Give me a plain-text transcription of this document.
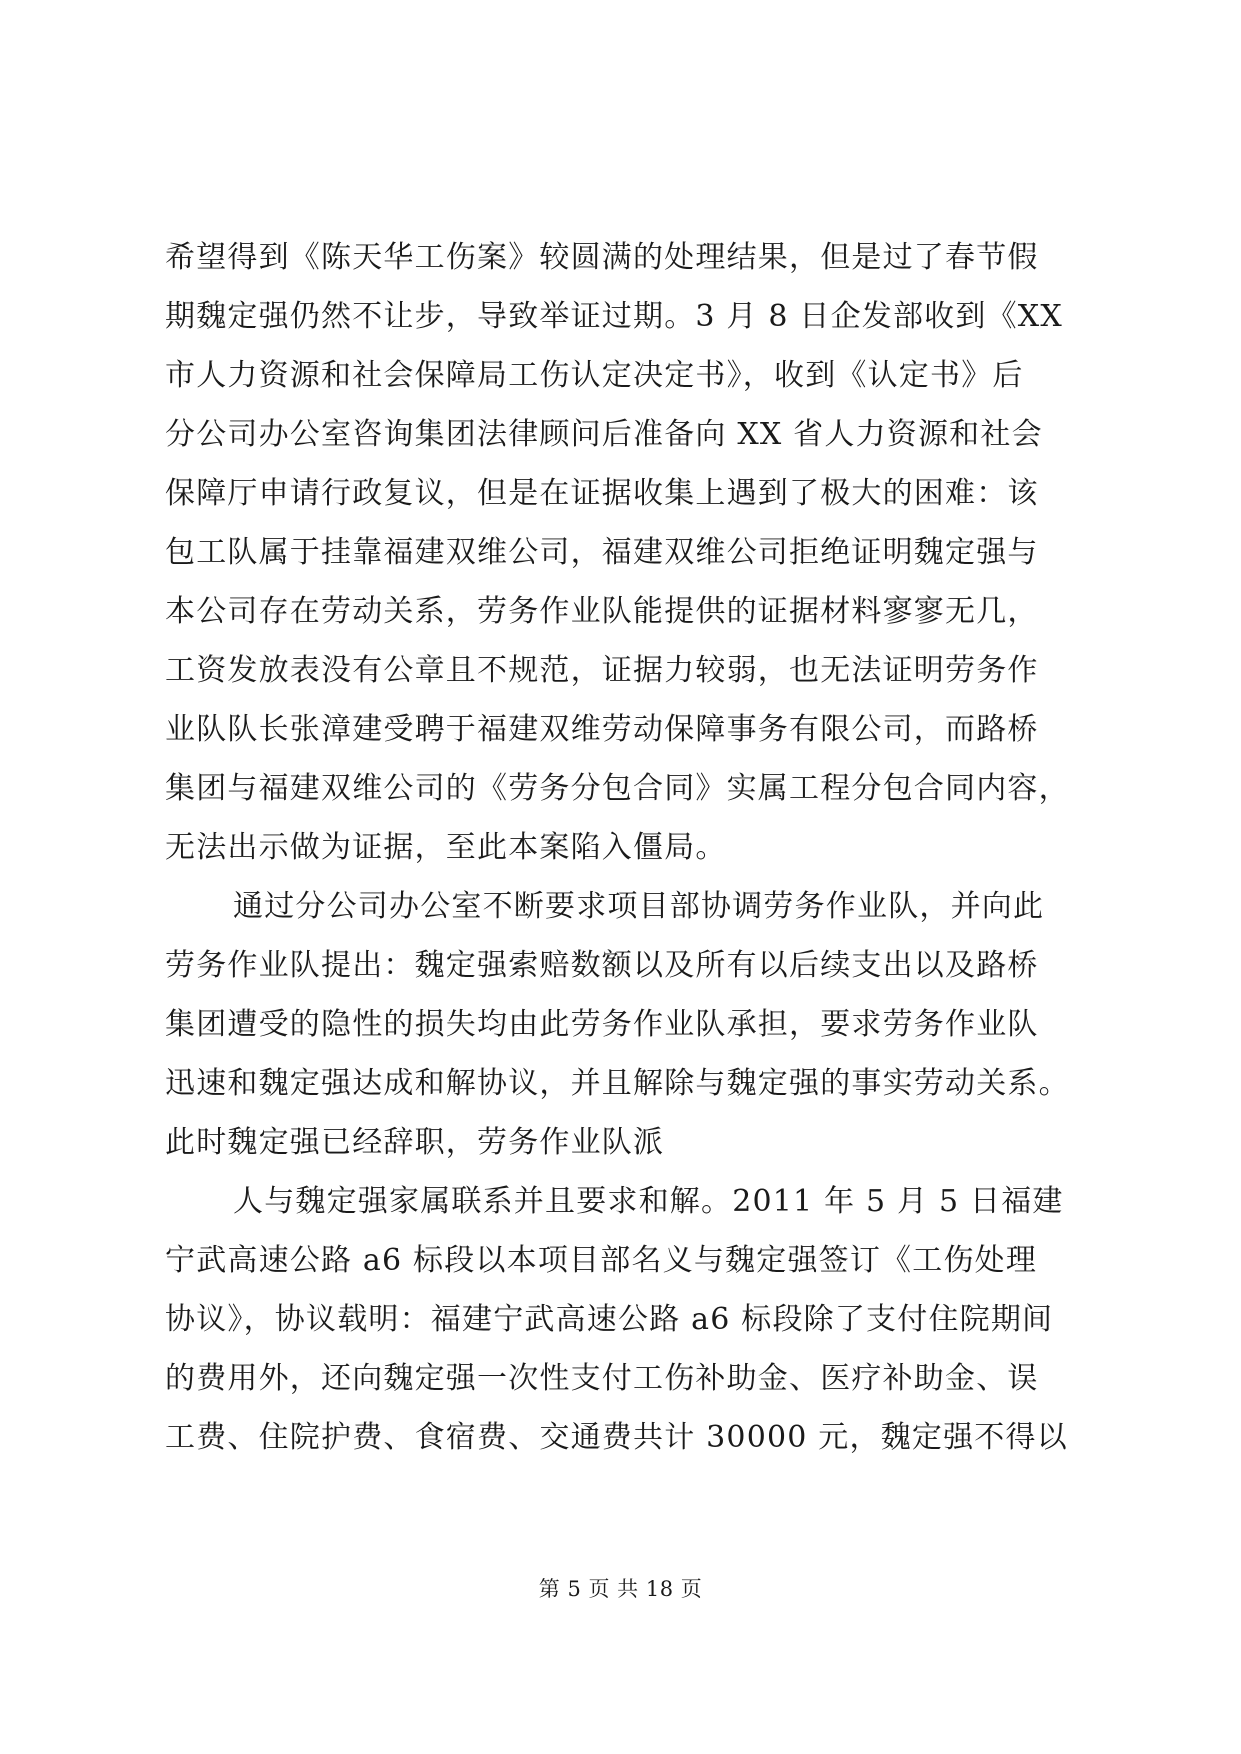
希望得到《陈天华工伤案》较圆满的处理结果，但是过了春节假
期魏定强仍然不让步，导致举证过期。3 月 8 日企发部收到《XX
市人力资源和社会保障局工伤认定决定书》，收到《认定书》后
分公司办公室咨询集团法律顾问后准备向 XX 省人力资源和社会
保障厅申请行政复议，但是在证据收集上遇到了极大的困难：该
包工队属于挂靠福建双维公司，福建双维公司拒绝证明魏定强与
本公司存在劳动关系，劳务作业队能提供的证据材料寥寥无几，
工资发放表没有公章且不规范，证据力较弱，也无法证明劳务作
业队队长张漳建受聘于福建双维劳动保障事务有限公司，而路桥
集团与福建双维公司的《劳务分包合同》实属工程分包合同内容，
无法出示做为证据，至此本案陷入僵局。
通过分公司办公室不断要求项目部协调劳务作业队，并向此
劳务作业队提出：魏定强索赔数额以及所有以后续支出以及路桥
集团遭受的隐性的损失均由此劳务作业队承担，要求劳务作业队
迅速和魏定强达成和解协议，并且解除与魏定强的事实劳动关系。
此时魏定强已经辞职，劳务作业队派
人与魏定强家属联系并且要求和解。2011 年 5 月 5 日福建
宁武高速公路 a6 标段以本项目部名义与魏定强签订《工伤处理
协议》，协议载明：福建宁武高速公路 a6 标段除了支付住院期间
的费用外，还向魏定强一次性支付工伤补助金、医疗补助金、误
工费、住院护费、食宿费、交通费共计 30000 元，魏定强不得以
第 5 页 共 18 页
